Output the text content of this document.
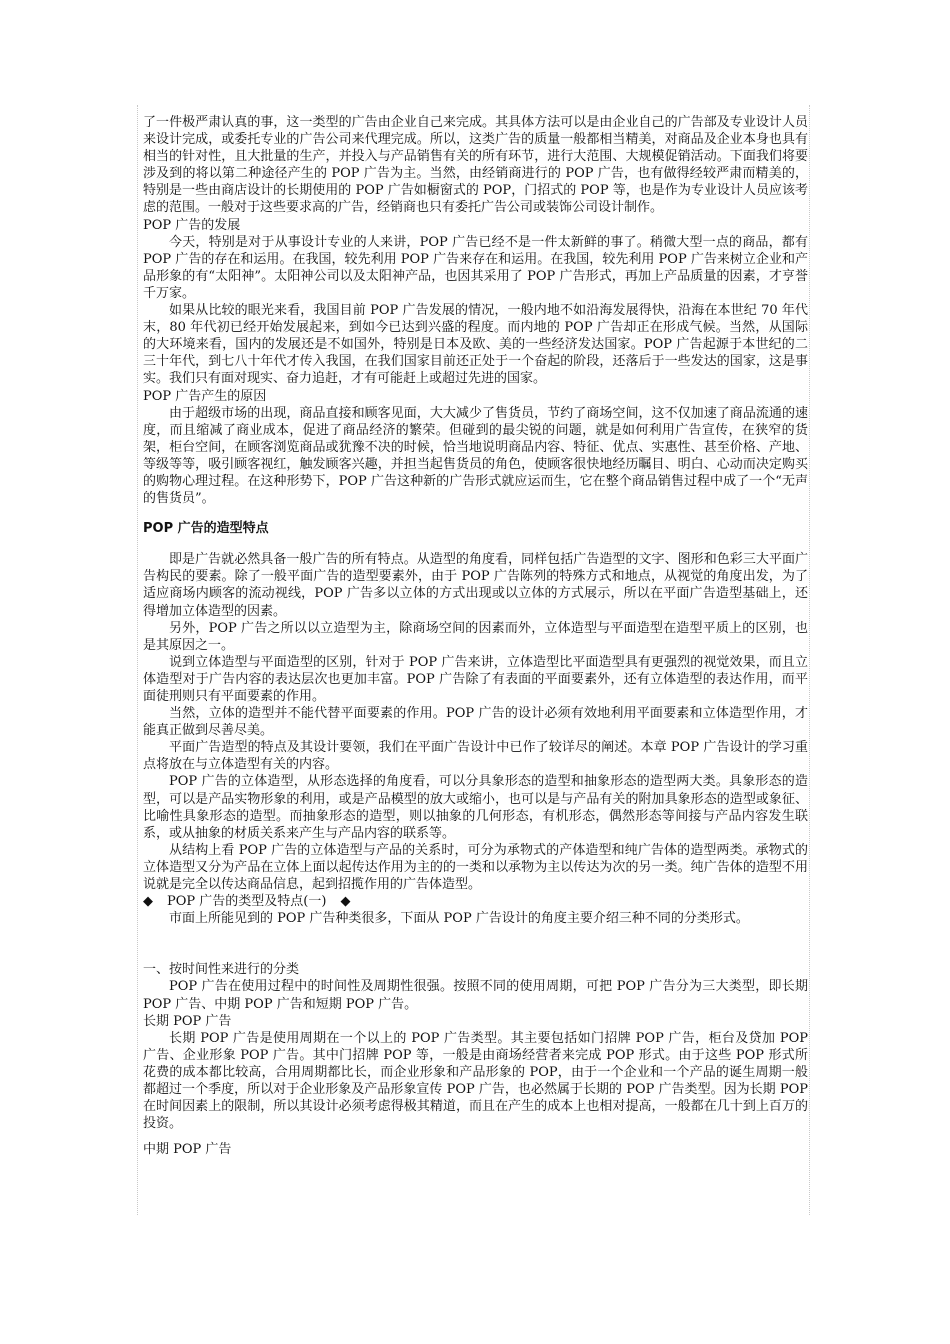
了一件极严肃认真的事，这一类型的广告由企业自己来完成。其具体方法可以是由企业自己的广告部及专业设计人员来设计完成，或委托专业的广告公司来代理完成。所以，这类广告的质量一般都相当精美，对商品及企业本身也具有相当的针对性，且大批量的生产，并投入与产品销售有关的所有环节，进行大范围、大规模促销活动。下面我们将要涉及到的将以第二种途径产生的 POP 广告为主。当然，由经销商进行的 POP 广告，也有做得经较严肃而精美的，特别是一些由商店设计的长期使用的 POP 广告如橱窗式的 POP，门招式的 POP 等，也是作为专业设计人员应该考虑的范围。一般对于这些要求高的广告，经销商也只有委托广告公司或装饰公司设计制作。

POP 广告的发展

今天，特别是对于从事设计专业的人来讲，POP 广告已经不是一件太新鲜的事了。稍微大型一点的商品，都有 POP 广告的存在和运用。在我国，较先利用 POP 广告来存在和运用。在我国，较先利用 POP 广告来树立企业和产品形象的有“太阳神”。太阳神公司以及太阳神产品，也因其采用了 POP 广告形式，再加上产品质量的因素，才亨誉千万家。

如果从比较的眼光来看，我国目前 POP 广告发展的情况，一般内地不如沿海发展得快，沿海在本世纪 70 年代末，80 年代初已经开始发展起来，到如今已达到兴盛的程度。而内地的 POP 广告却正在形成气候。当然，从国际的大环境来看，国内的发展还是不如国外，特别是日本及欧、美的一些经济发达国家。POP 广告起源于本世纪的二三十年代，到七八十年代才传入我国，在我们国家目前还正处于一个奋起的阶段，还落后于一些发达的国家，这是事实。我们只有面对现实、奋力追赶，才有可能赶上或超过先进的国家。

POP 广告产生的原因

由于超级市场的出现，商品直接和顾客见面，大大减少了售货员，节约了商场空间，这不仅加速了商品流通的速度，而且缩减了商业成本，促进了商品经济的繁荣。但碰到的最尖锐的问题，就是如何利用广告宣传，在狭窄的货架，柜台空间，在顾客浏览商品或犹豫不决的时候，恰当地说明商品内容、特征、优点、实惠性、甚至价格、产地、等级等等，吸引顾客视红，触发顾客兴趣，并担当起售货员的角色，使顾客很快地经历瞩目、明白、心动而决定购买的购物心理过程。在这种形势下，POP 广告这种新的广告形式就应运而生，它在整个商品销售过程中成了一个“无声的售货员”。

POP 广告的造型特点

即是广告就必然具备一般广告的所有特点。从造型的角度看，同样包括广告造型的文字、图形和色彩三大平面广告构民的要素。除了一般平面广告的造型要素外，由于 POP 广告陈列的特殊方式和地点，从视觉的角度出发，为了适应商场内顾客的流动视线，POP 广告多以立体的方式出现或以立体的方式展示，所以在平面广告造型基础上，还得增加立体造型的因素。

另外，POP 广告之所以以立造型为主，除商场空间的因素而外，立体造型与平面造型在造型平质上的区别，也是其原因之一。

说到立体造型与平面造型的区别，针对于 POP 广告来讲，立体造型比平面造型具有更强烈的视觉效果，而且立体造型对于广告内容的表达层次也更加丰富。POP 广告除了有表面的平面要素外，还有立体造型的表达作用，而平面徒刑则只有平面要素的作用。

当然，立体的造型并不能代替平面要素的作用。POP 广告的设计必须有效地利用平面要素和立体造型作用，才能真正做到尽善尽美。

平面广告造型的特点及其设计要领，我们在平面广告设计中已作了较详尽的阐述。本章 POP 广告设计的学习重点将放在与立体造型有关的内容。

POP 广告的立体造型，从形态选择的角度看，可以分具象形态的造型和抽象形态的造型两大类。具象形态的造型，可以是产品实物形象的利用，或是产品模型的放大或缩小，也可以是与产品有关的附加具象形态的造型或象征、比喻性具象形态的造型。而抽象形态的造型，则以抽象的几何形态，有机形态，偶然形态等间接与产品内容发生联系，或从抽象的材质关系来产生与产品内容的联系等。

从结构上看 POP 广告的立体造型与产品的关系时，可分为承物式的产体造型和纯广告体的造型两类。承物式的立体造型又分为产品在立体上面以起传达作用为主的的一类和以承物为主以传达为次的另一类。纯广告体的造型不用说就是完全以传达商品信息，起到招揽作用的广告体造型。

◆	POP 广告的类型及特点(一) ◆

市面上所能见到的 POP 广告种类很多，下面从 POP 广告设计的角度主要介绍三种不同的分类形式。

一、按时间性来进行的分类

POP 广告在使用过程中的时间性及周期性很强。按照不同的使用周期，可把 POP 广告分为三大类型，即长期 POP 广告、中期 POP 广告和短期 POP 广告。

长期 POP 广告

长期 POP 广告是使用周期在一个以上的 POP 广告类型。其主要包括如门招牌 POP 广告，柜台及贷加 POP 广告、企业形象 POP 广告。其中门招牌 POP 等，一般是由商场经营者来完成 POP 形式。由于这些 POP 形式所花费的成本都比较高，合用周期都比长，而企业形象和产品形象的 POP，由于一个企业和一个产品的诞生周期一般都超过一个季度，所以对于企业形象及产品形象宣传 POP 广告，也必然属于长期的 POP 广告类型。因为长期 POP 在时间因素上的限制，所以其设计必须考虑得极其精道，而且在产生的成本上也相对提高，一般都在几十到上百万的投资。

中期 POP 广告
